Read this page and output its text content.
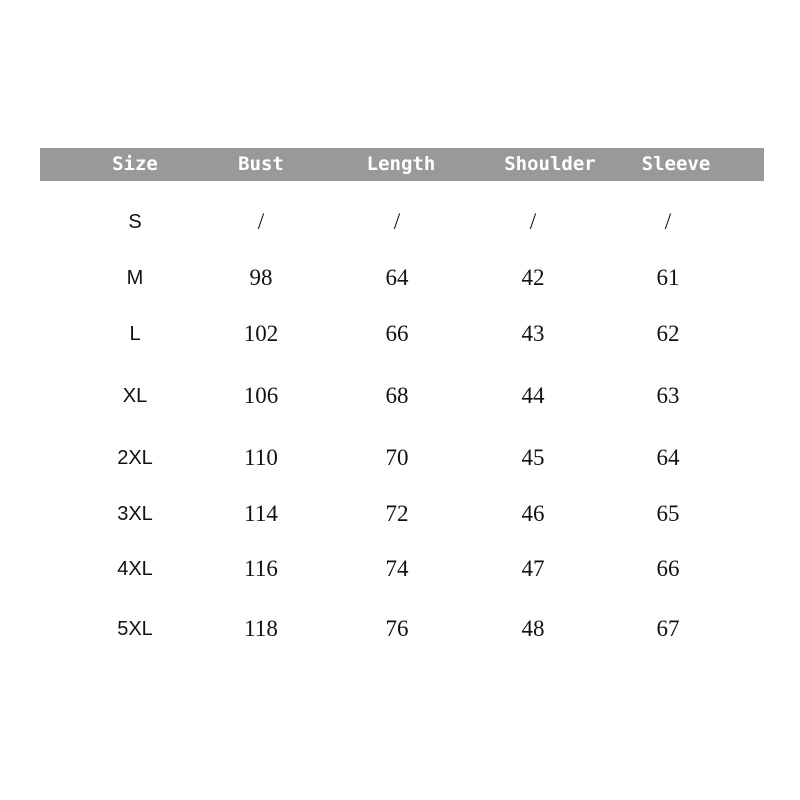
Size	Bust	Length	Shoulder	Sleeve
S	/	/	/	/
M	98	64	42	61
L	102	66	43	62
XL	106	68	44	63
2XL	110	70	45	64
3XL	114	72	46	65
4XL	116	74	47	66
5XL	118	76	48	67
